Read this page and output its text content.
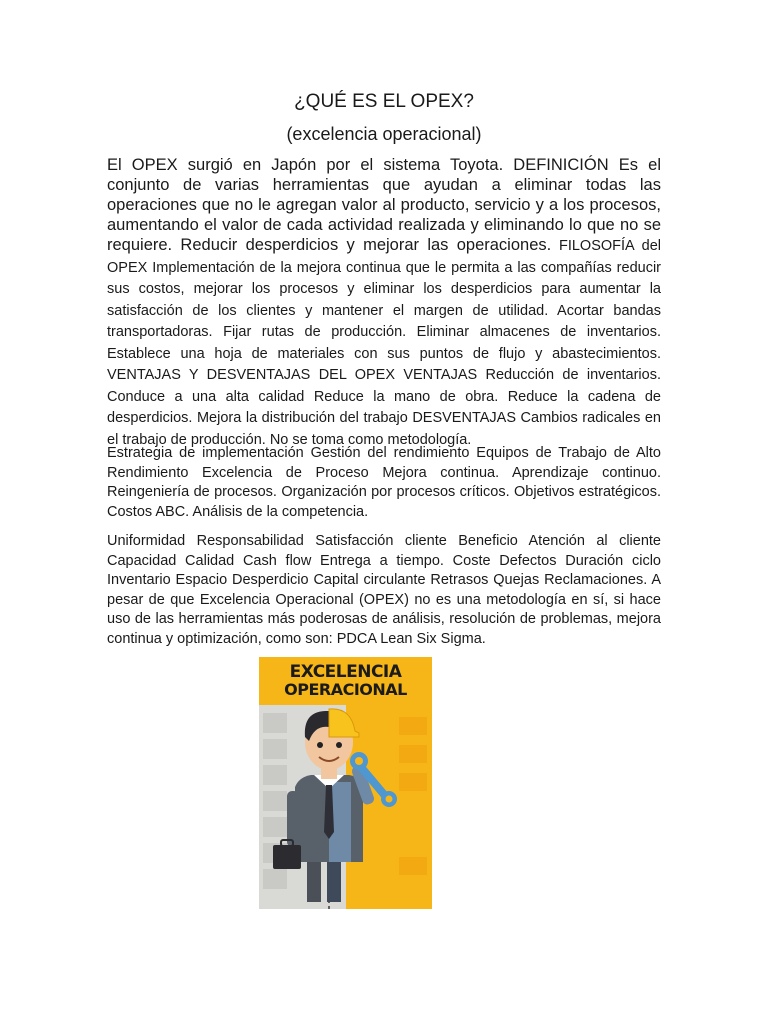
¿QUÉ ES EL OPEX?
(excelencia operacional)

El OPEX surgió en Japón por el sistema Toyota. DEFINICIÓN Es el conjunto de varias herramientas que ayudan a eliminar todas las operaciones que no le agregan valor al producto, servicio y a los procesos, aumentando el valor de cada actividad realizada y eliminando lo que no se requiere. Reducir desperdicios y mejorar las operaciones. FILOSOFÍA del OPEX Implementación de la mejora continua que le permita a las compañías reducir sus costos, mejorar los procesos y eliminar los desperdicios para aumentar la satisfacción de los clientes y mantener el margen de utilidad. Acortar bandas transportadoras. Fijar rutas de producción. Eliminar almacenes de inventarios. Establece una hoja de materiales con sus puntos de flujo y abastecimientos. VENTAJAS Y DESVENTAJAS DEL OPEX VENTAJAS Reducción de inventarios. Conduce a una alta calidad Reduce la mano de obra. Reduce la cadena de desperdicios. Mejora la distribución del trabajo DESVENTAJAS Cambios radicales en el trabajo de producción. No se toma como metodología.

Estrategia de implementación Gestión del rendimiento Equipos de Trabajo de Alto Rendimiento Excelencia de Proceso Mejora continua. Aprendizaje continuo. Reingeniería de procesos. Organización por procesos críticos. Objetivos estratégicos. Costos ABC. Análisis de la competencia.

Uniformidad Responsabilidad Satisfacción cliente Beneficio Atención al cliente Capacidad Calidad Cash flow Entrega a tiempo. Coste Defectos Duración ciclo Inventario Espacio Desperdicio Capital circulante Retrasos Quejas Reclamaciones. A pesar de que Excelencia Operacional (OPEX) no es una metodología en sí, si hace uso de las herramientas más poderosas de análisis, resolución de problemas, mejora continua y optimización, como son: PDCA Lean Six Sigma.

EXCELENCIA
OPERACIONAL
